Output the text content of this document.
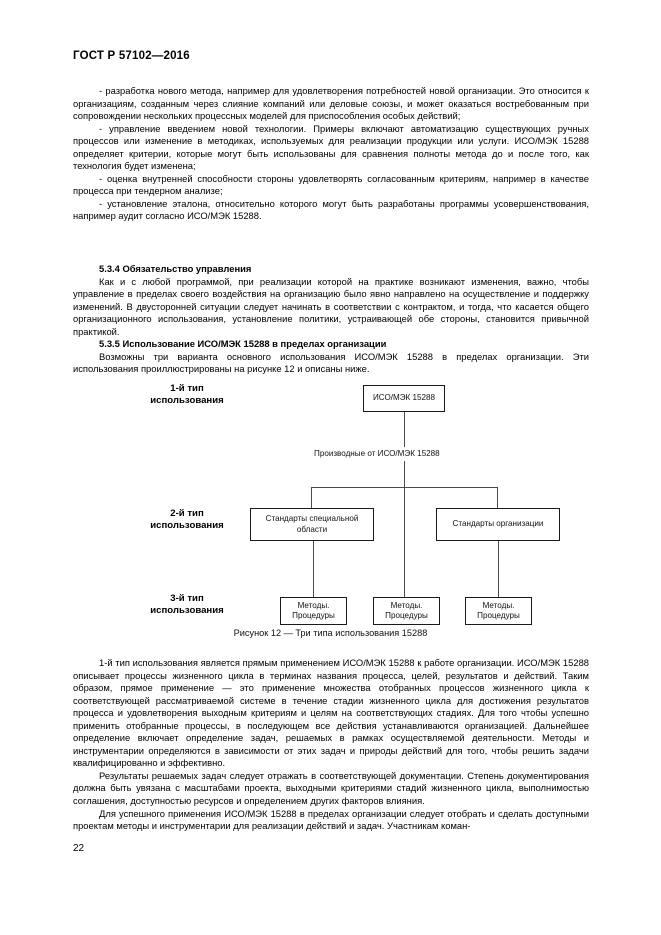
ГОСТ Р 57102—2016

- разработка нового метода, например для удовлетворения потребностей новой организации. Это относится к организациям, созданным через слияние компаний или деловые союзы, и может оказаться востребованным при сопровождении нескольких процессных моделей для приспособления особых действий;

- управление введением новой технологии. Примеры включают автоматизацию существующих ручных процессов или изменение в методиках, используемых для реализации продукции или услуги. ИСО/МЭК 15288 определяет критерии, которые могут быть использованы для сравнения полноты метода до и после того, как технология будет изменена;

- оценка внутренней способности стороны удовлетворять согласованным критериям, например в качестве процесса при тендерном анализе;

- установление эталона, относительно которого могут быть разработаны программы усовершенствования, например аудит согласно ИСО/МЭК 15288.

5.3.4 Обязательство управления

Как и с любой программой, при реализации которой на практике возникают изменения, важно, чтобы управление в пределах своего воздействия на организацию было явно направлено на осуществление и поддержку изменений. В двусторонней ситуации следует начинать в соответствии с контрактом, и тогда, что касается общего организационного использования, установление политики, устраивающей обе стороны, становится привычной практикой.

5.3.5 Использование ИСО/МЭК 15288 в пределах организации

Возможны три варианта основного использования ИСО/МЭК 15288 в пределах организации. Эти использования проиллюстрированы на рисунке 12 и описаны ниже.

1-й тип
использования
2-й тип
использования
3-й тип
использования
Производные от ИСО/МЭК 15288
ИСО/МЭК 15288
Стандарты специальной области
Стандарты организации
Методы.
Процедуры
Методы.
Процедуры
Методы.
Процедуры
Рисунок 12 — Три типа использования 15288

1-й тип использования является прямым применением ИСО/МЭК 15288 к работе организации. ИСО/МЭК 15288 описывает процессы жизненного цикла в терминах названия процесса, целей, результатов и действий. Таким образом, прямое применение — это применение множества отобранных процессов жизненного цикла к соответствующей рассматриваемой системе в течение стадии жизненного цикла для достижения результатов процесса и удовлетворения выходным критериям и целям на соответствующих стадиях. Для того чтобы успешно применить отобранные процессы, в последующем все действия устанавливаются организацией. Дальнейшее определение включает определение задач, решаемых в рамках осуществляемой деятельности. Методы и инструментарии определяются в зависимости от этих задач и природы действий для того, чтобы решить задачи квалифицированно и эффективно.

Результаты решаемых задач следует отражать в соответствующей документации. Степень документирования должна быть увязана с масштабами проекта, выходными критериями стадий жизненного цикла, выполнимостью соглашения, доступностью ресурсов и определением других факторов влияния.

Для успешного применения ИСО/МЭК 15288 в пределах организации следует отобрать и сделать доступными проектам методы и инструментарии для реализации действий и задач. Участникам коман-

22
